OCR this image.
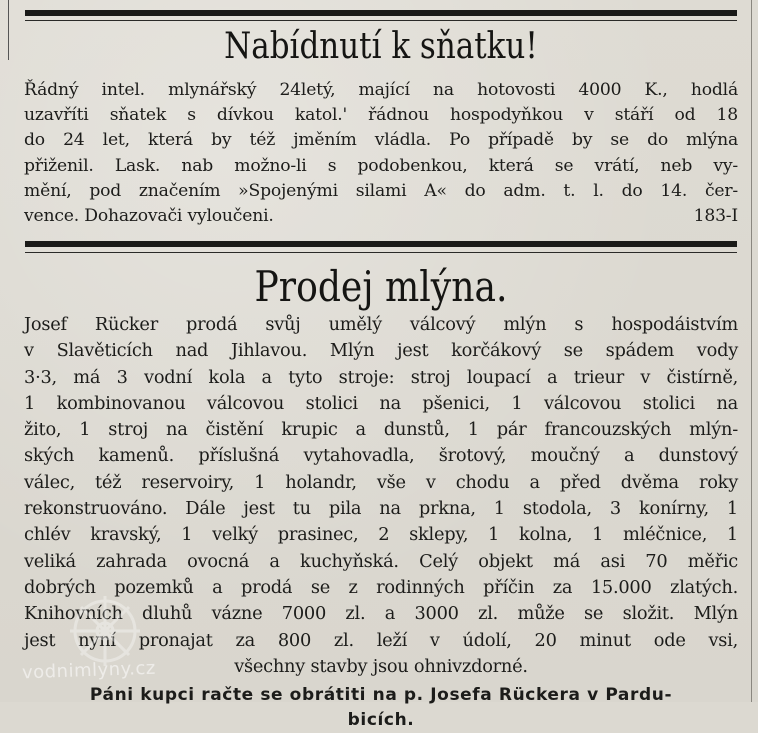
Nabídnutí k sňatku!
Řádný intel. mlynářský 24letý, mající na hotovosti 4000 K., hodlá
uzavříti sňatek s dívkou katol.' řádnou hospodyňkou v stáří od 18
do 24 let, která by též jměním vládla. Po případě by se do mlýna
přiženil. Lask. nab možno-li s podobenkou, která se vrátí, neb vy-
mění, pod značením »Spojenými silami A« do adm. t. l. do 14. čer-
vence. Dohazovači vyloučeni.	183-I
Prodej mlýna.
Josef Rücker prodá svůj umělý válcový mlýn s hospodáistvím
v Slavěticích nad Jihlavou. Mlýn jest korčákový se spádem vody
3·3, má 3 vodní kola a tyto stroje: stroj loupací a trieur v čistírně,
1 kombinovanou válcovou stolici na pšenici, 1 válcovou stolici na
žito, 1 stroj na čistění krupic a dunstů, 1 pár francouzských mlýn-
ských kamenů. příslušná vytahovadla, šrotový, moučný a dunstový
válec, též reservoiry, 1 holandr, vše v chodu a před dvěma roky
rekonstruováno. Dále jest tu pila na prkna, 1 stodola, 3 konírny, 1
chlév kravský, 1 velký prasinec, 2 sklepy, 1 kolna, 1 mléčnice, 1
veliká zahrada ovocná a kuchyňská. Celý objekt má asi 70 měřic
dobrých pozemků a prodá se z rodinných příčin za 15.000 zlatých.
Knihovních dluhů vázne 7000 zl. a 3000 zl. může se složit. Mlýn
jest nyní pronajat za 800 zl. leží v údolí, 20 minut ode vsi,
všechny stavby jsou ohnivzdorné.
Páni kupci račte se obrátiti na p. Josefa Rückera v Pardu-
bicích.
vodnimlyny.cz
